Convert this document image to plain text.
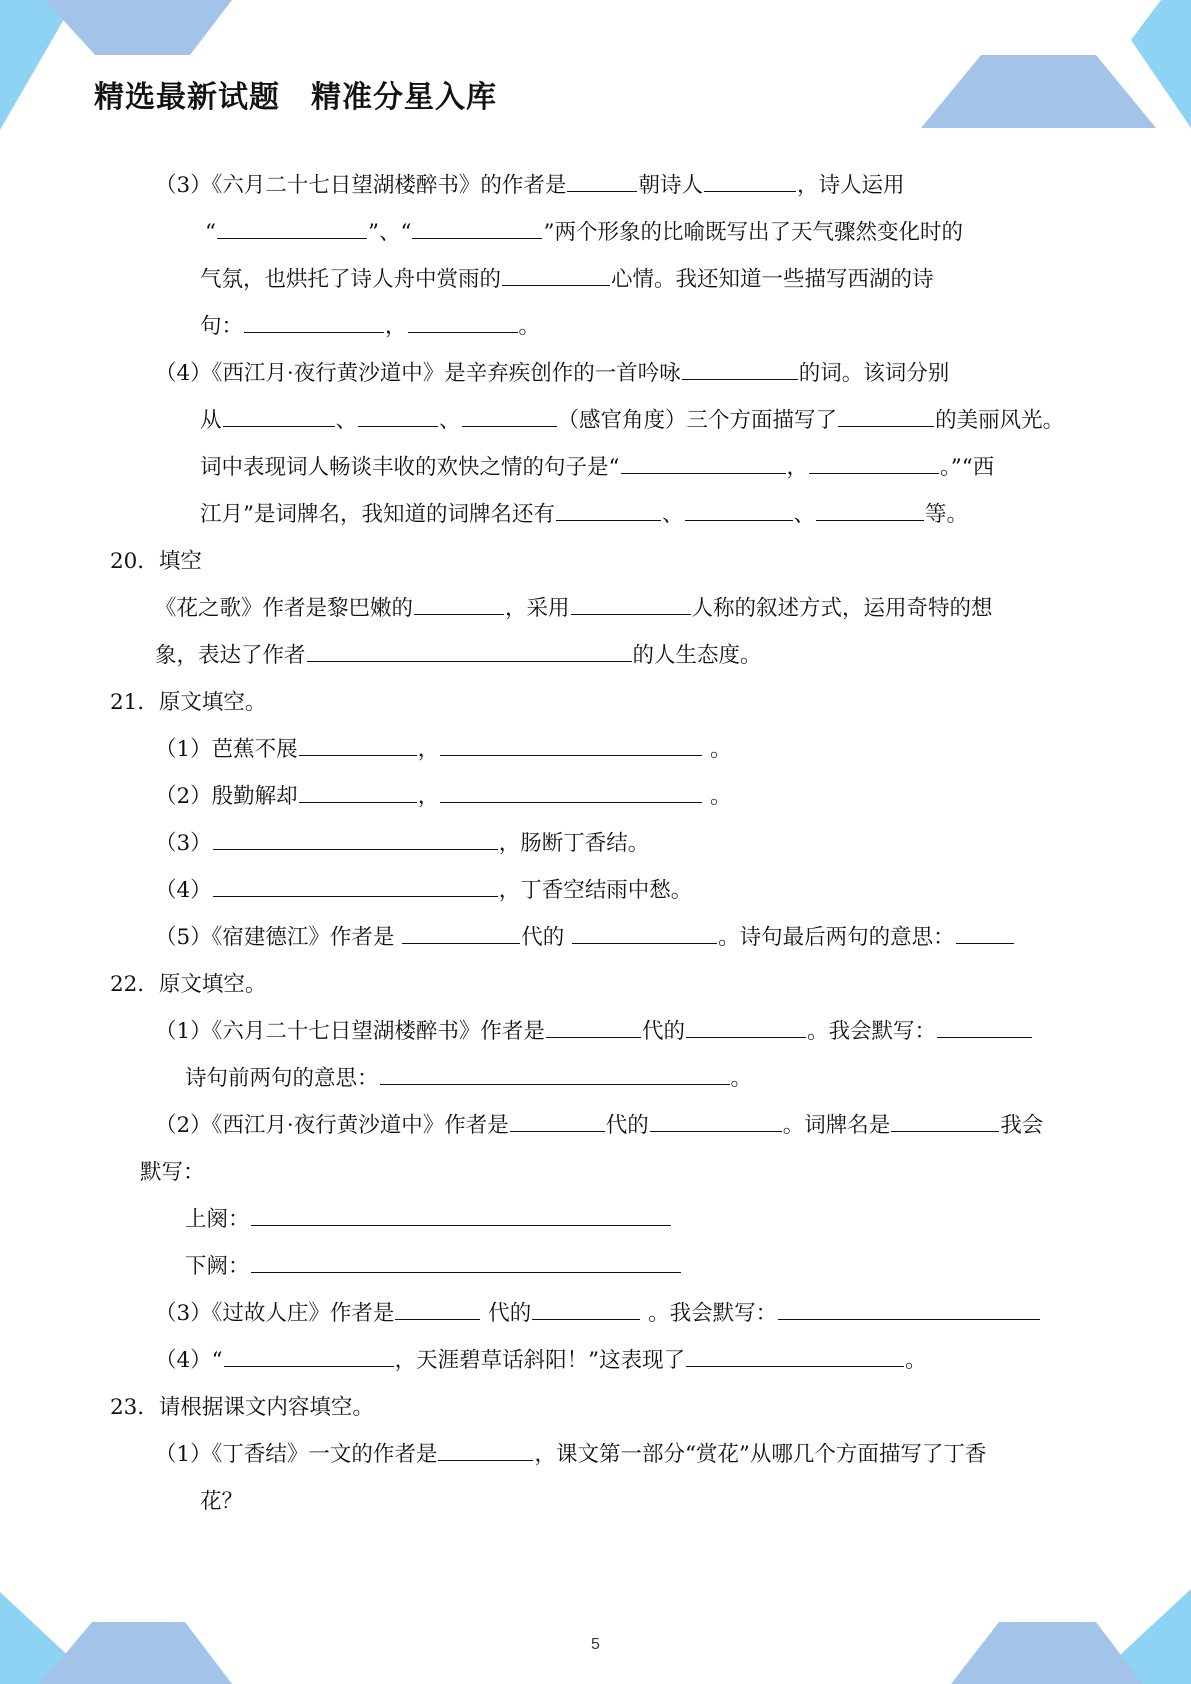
精选最新试题　精准分星入库
（3）《六月二十七日望湖楼醉书》的作者是	朝诗人	，诗人运用
“	”、“	”两个形象的比喻既写出了天气骤然变化时的
气氛，也烘托了诗人舟中赏雨的	心情。我还知道一些描写西湖的诗
句：	，	。
（4）《西江月·夜行黄沙道中》是辛弃疾创作的一首吟咏	的词。该词分别
从	、	、	（感官角度）三个方面描写了	的美丽风光。
词中表现词人畅谈丰收的欢快之情的句子是“	，	。”“西
江月”是词牌名，我知道的词牌名还有	、	、	等。
20．填空
《花之歌》作者是黎巴嫩的	，采用	人称的叙述方式，运用奇特的想
象，表达了作者	的人生态度。
21．原文填空。
（1）芭蕉不展	，	。
（2）殷勤解却	，	。
（3）	，肠断丁香结。
（4）	，丁香空结雨中愁。
（5）《宿建德江》作者是	代的	。诗句最后两句的意思：
22．原文填空。
（1）《六月二十七日望湖楼醉书》作者是	代的	。我会默写：
诗句前两句的意思：	。
（2）《西江月·夜行黄沙道中》作者是	代的	。词牌名是	我会
默写：
上阕：
下阙：
（3）《过故人庄》作者是	代的	。我会默写：
（4）“	，天涯碧草话斜阳！”这表现了	。
23．请根据课文内容填空。
（1）《丁香结》一文的作者是	，课文第一部分“赏花”从哪几个方面描写了丁香
花？
5
